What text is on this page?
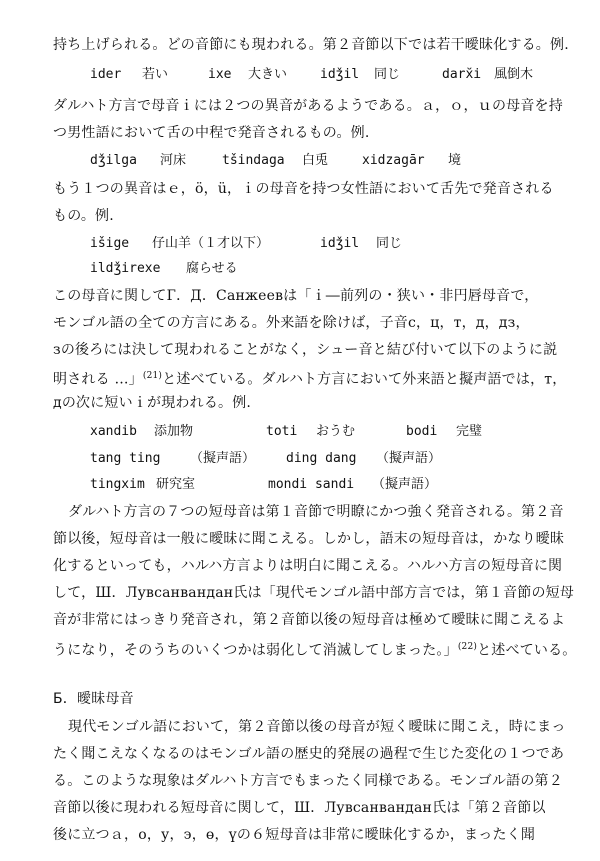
持ち上げられる。どの音節にも現われる。第２音節以下では若干曖昧化する。例.
ider 若い	ixe 大きい	idǯil 同じ	darx̆i 風倒木
ダルハト方言で母音ｉには２つの異音があるようである。ａ，ｏ，ｕの母音を持
つ男性語において舌の中程で発音されるもの。例.
dǯilga 河床	tšindaga 白兎	xidzagār 境
もう１つの異音はｅ，ö，ü，ｉの母音を持つ女性語において舌先で発音される
もの。例.
išige 仔山羊（１才以下）	idǯil 同じ
ildǯirexe 腐らせる
この母音に関してГ．Д．Санжеевは「ｉ―前列の・狭い・非円唇母音で，
モンゴル語の全ての方言にある。外来語を除けば，子音с，ц，т，д，дз，
зの後ろには決して現われることがなく，シュー音と結び付いて以下のように説
明される …」$^{(21)}$と述べている。ダルハト方言において外来語と擬声語では，т，
дの次に短いｉが現われる。例.
xandib 添加物	toti おうむ	bodi 完璧
tang ting （擬声語） ding dang （擬声語）
tingxim 研究室	mondi sandi （擬声語）
ダルハト方言の７つの短母音は第１音節で明瞭にかつ強く発音される。第２音
節以後，短母音は一般に曖昧に聞こえる。しかし，語末の短母音は，かなり曖昧
化するといっても，ハルハ方言よりは明白に聞こえる。ハルハ方言の短母音に関
して，Ш．Лувсанвандан氏は「現代モンゴル語中部方言では，第１音節の短母
音が非常にはっきり発音され，第２音節以後の短母音は極めて曖昧に聞こえるよ
うになり，そのうちのいくつかは弱化して消滅してしまった。」$^{(22)}$と述べている。
Б．曖昧母音
現代モンゴル語において，第２音節以後の母音が短く曖昧に聞こえ，時にまっ
たく聞こえなくなるのはモンゴル語の歴史的発展の過程で生じた変化の１つであ
る。このような現象はダルハト方言でもまったく同様である。モンゴル語の第２
音節以後に現われる短母音に関して，Ш．Лувсанвандан氏は「第２音節以
後に立つａ，о，у，э，ө，үの６短母音は非常に曖昧化するか，まったく聞
